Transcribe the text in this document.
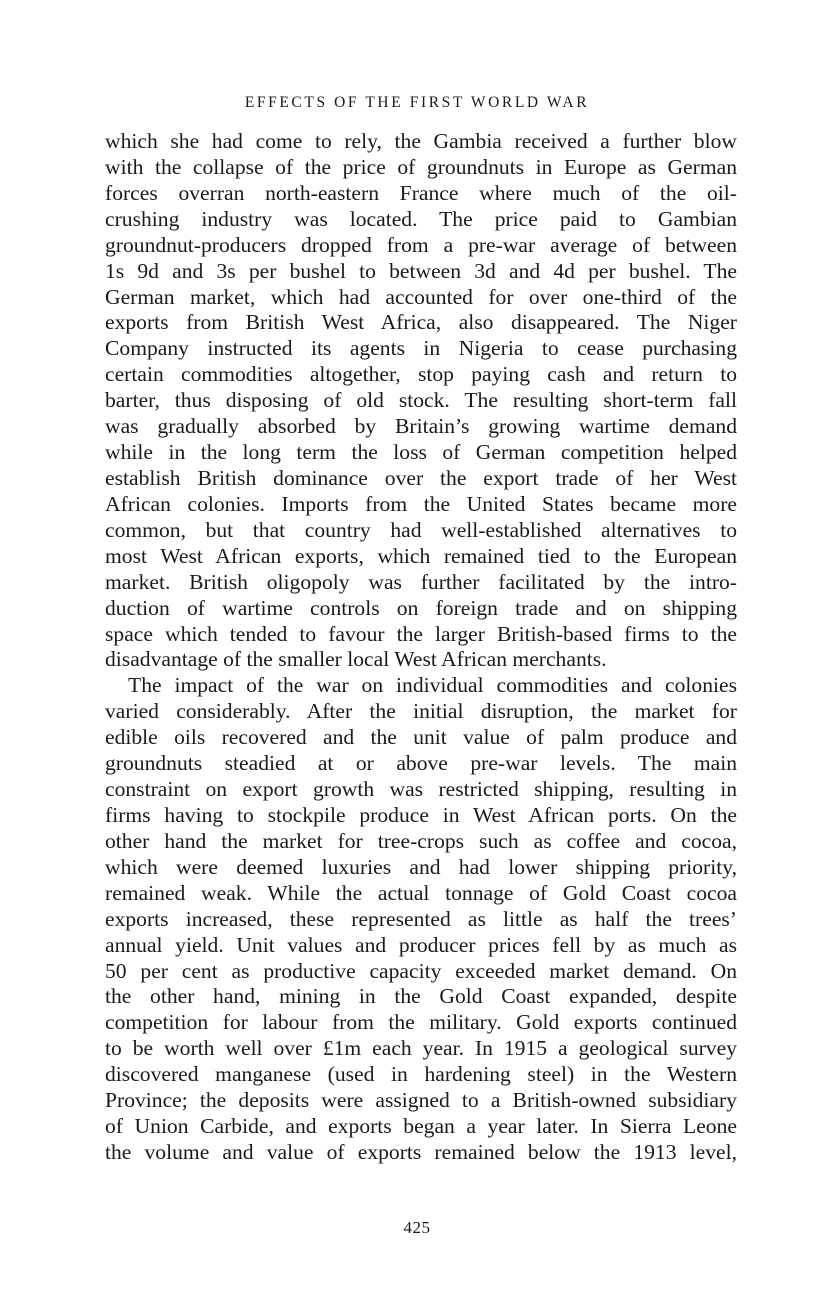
EFFECTS OF THE FIRST WORLD WAR
which she had come to rely, the Gambia received a further blow
with the collapse of the price of groundnuts in Europe as German
forces overran north-eastern France where much of the oil-
crushing industry was located. The price paid to Gambian
groundnut-producers dropped from a pre-war average of between
1s 9d and 3s per bushel to between 3d and 4d per bushel. The
German market, which had accounted for over one-third of the
exports from British West Africa, also disappeared. The Niger
Company instructed its agents in Nigeria to cease purchasing
certain commodities altogether, stop paying cash and return to
barter, thus disposing of old stock. The resulting short-term fall
was gradually absorbed by Britain’s growing wartime demand
while in the long term the loss of German competition helped
establish British dominance over the export trade of her West
African colonies. Imports from the United States became more
common, but that country had well-established alternatives to
most West African exports, which remained tied to the European
market. British oligopoly was further facilitated by the intro-
duction of wartime controls on foreign trade and on shipping
space which tended to favour the larger British-based firms to the
disadvantage of the smaller local West African merchants.
The impact of the war on individual commodities and colonies
varied considerably. After the initial disruption, the market for
edible oils recovered and the unit value of palm produce and
groundnuts steadied at or above pre-war levels. The main
constraint on export growth was restricted shipping, resulting in
firms having to stockpile produce in West African ports. On the
other hand the market for tree-crops such as coffee and cocoa,
which were deemed luxuries and had lower shipping priority,
remained weak. While the actual tonnage of Gold Coast cocoa
exports increased, these represented as little as half the trees’
annual yield. Unit values and producer prices fell by as much as
50 per cent as productive capacity exceeded market demand. On
the other hand, mining in the Gold Coast expanded, despite
competition for labour from the military. Gold exports continued
to be worth well over £1m each year. In 1915 a geological survey
discovered manganese (used in hardening steel) in the Western
Province; the deposits were assigned to a British-owned subsidiary
of Union Carbide, and exports began a year later. In Sierra Leone
the volume and value of exports remained below the 1913 level,
425
